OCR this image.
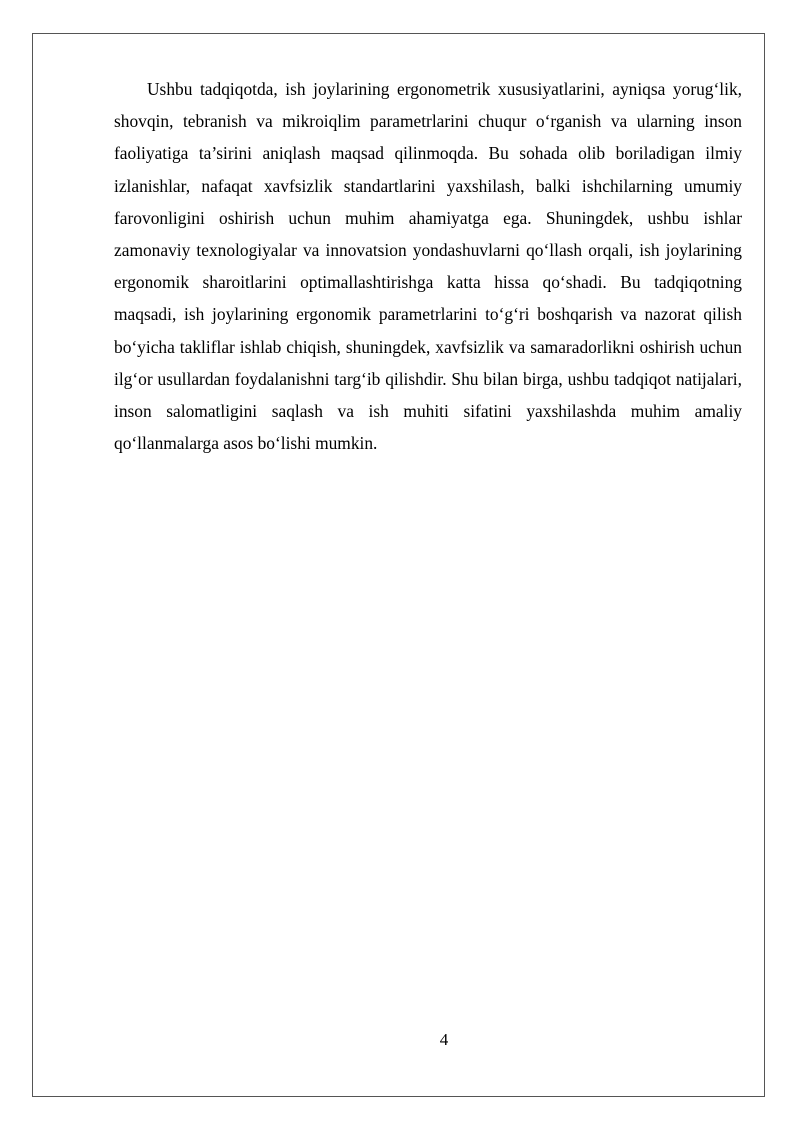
Ushbu tadqiqotda, ish joylarining ergonometrik xususiyatlarini, ayniqsa yorug‘lik, shovqin, tebranish va mikroiqlim parametrlarini chuqur o‘rganish va ularning inson faoliyatiga ta’sirini aniqlash maqsad qilinmoqda. Bu sohada olib boriladigan ilmiy izlanishlar, nafaqat xavfsizlik standartlarini yaxshilash, balki ishchilarning umumiy farovonligini oshirish uchun muhim ahamiyatga ega. Shuningdek, ushbu ishlar zamonaviy texnologiyalar va innovatsion yondashuvlarni qo‘llash orqali, ish joylarining ergonomik sharoitlarini optimallashtirishga katta hissa qo‘shadi. Bu tadqiqotning maqsadi, ish joylarining ergonomik parametrlarini to‘g‘ri boshqarish va nazorat qilish bo‘yicha takliflar ishlab chiqish, shuningdek, xavfsizlik va samaradorlikni oshirish uchun ilg‘or usullardan foydalanishni targ‘ib qilishdir. Shu bilan birga, ushbu tadqiqot natijalari, inson salomatligini saqlash va ish muhiti sifatini yaxshilashda muhim amaliy qo‘llanmalarga asos bo‘lishi mumkin.

4
